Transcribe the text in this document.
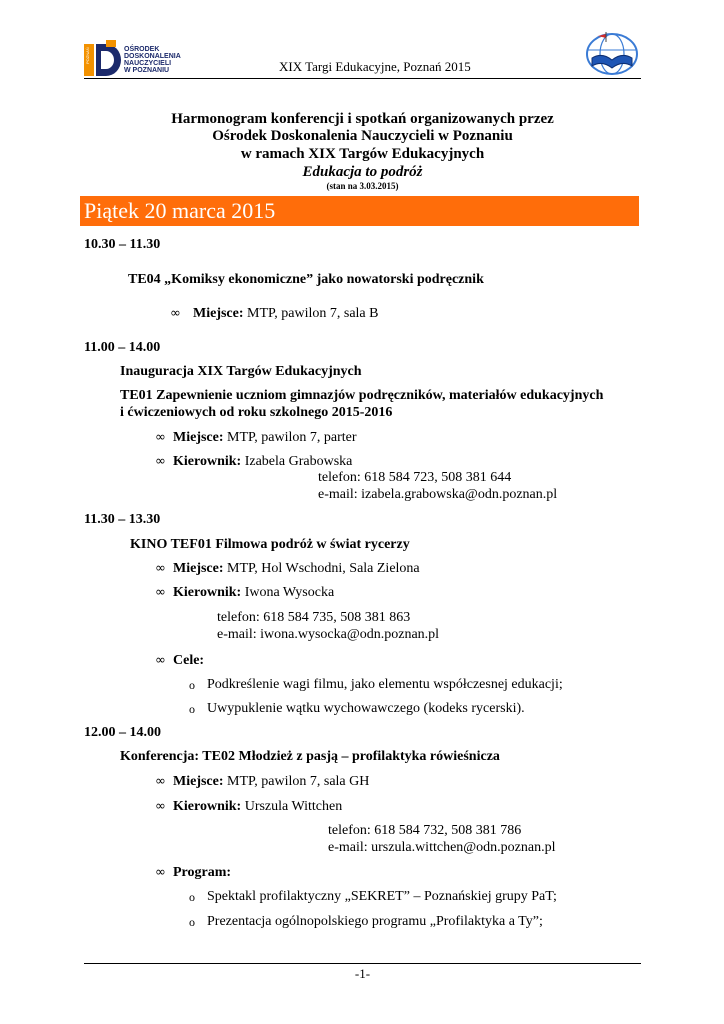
OŚRODEK
DOSKONALENIA
NAUCZYCIELI
W POZNANIU
POZNAŃ
XIX Targi Edukacyjne, Poznań 2015
Harmonogram konferencji i spotkań organizowanych przez
Ośrodek Doskonalenia Nauczycieli w Poznaniu
w ramach XIX Targów Edukacyjnych
Edukacja to podróż
(stan na 3.03.2015)
Piątek 20 marca 2015
10.30 – 11.30
TE04 „Komiksy ekonomiczne” jako nowatorski podręcznik
∞ Miejsce: MTP, pawilon 7, sala B
11.00 – 14.00
Inauguracja XIX Targów Edukacyjnych
TE01 Zapewnienie uczniom gimnazjów podręczników, materiałów edukacyjnych
i ćwiczeniowych od roku szkolnego 2015-2016
∞ Miejsce: MTP, pawilon 7, parter
∞ Kierownik: Izabela Grabowska
telefon: 618 584 723, 508 381 644
e-mail: izabela.grabowska@odn.poznan.pl
11.30 – 13.30
KINO TEF01 Filmowa podróż w świat rycerzy
∞ Miejsce: MTP, Hol Wschodni, Sala Zielona
∞ Kierownik: Iwona Wysocka
telefon: 618 584 735, 508 381 863
e-mail: iwona.wysocka@odn.poznan.pl
∞ Cele:
o Podkreślenie wagi filmu, jako elementu współczesnej edukacji;
o Uwypuklenie wątku wychowawczego (kodeks rycerski).
12.00 – 14.00
Konferencja: TE02 Młodzież z pasją – profilaktyka rówieśnicza
∞ Miejsce: MTP, pawilon 7, sala GH
∞ Kierownik: Urszula Wittchen
telefon: 618 584 732, 508 381 786
e-mail: urszula.wittchen@odn.poznan.pl
∞ Program:
o Spektakl profilaktyczny „SEKRET” – Poznańskiej grupy PaT;
o Prezentacja ogólnopolskiego programu „Profilaktyka a Ty”;
-1-
